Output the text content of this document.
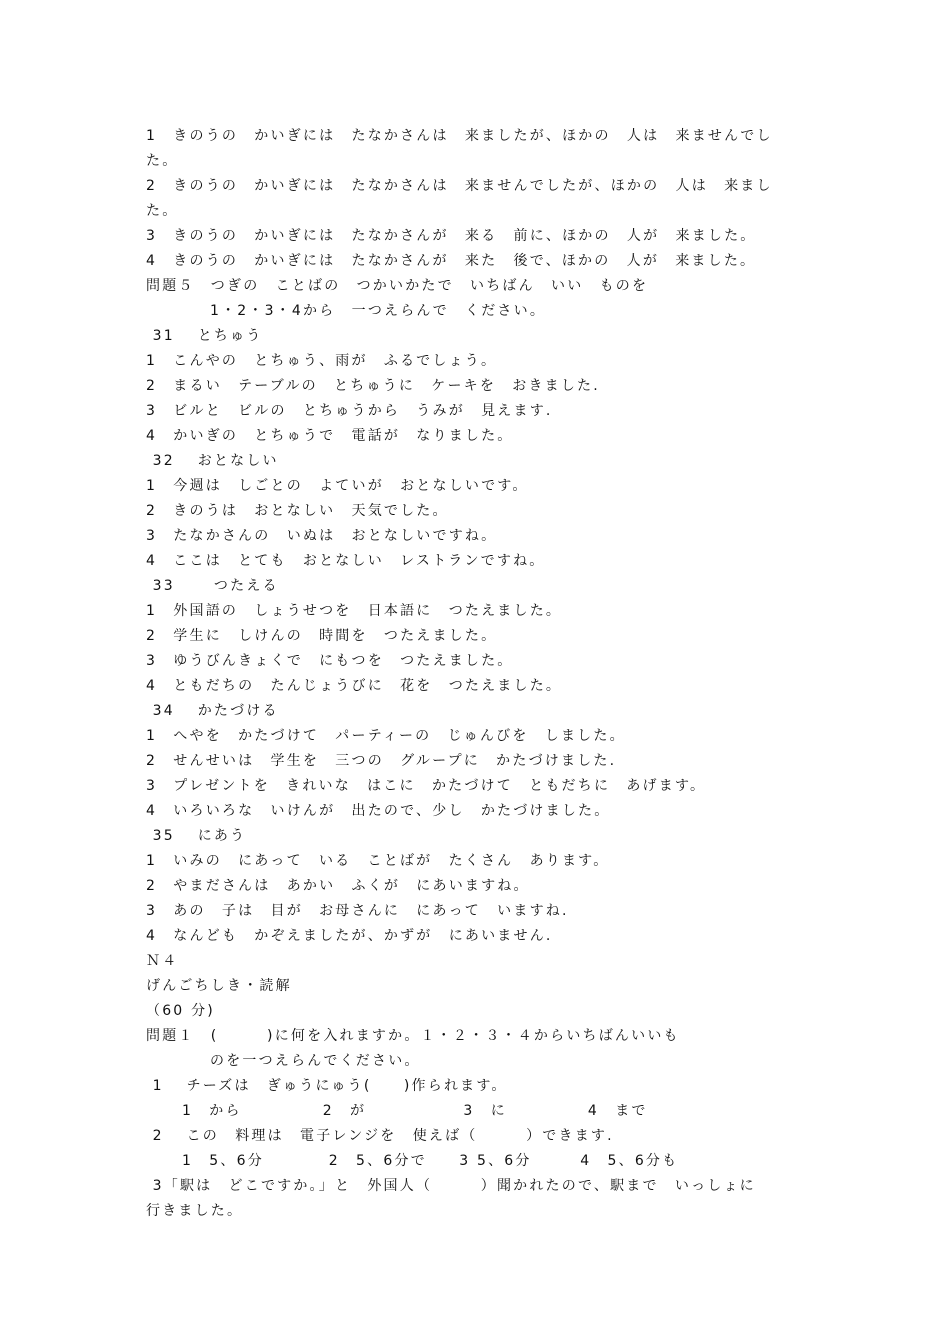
1　きのうの　かいぎには　たなかさんは　来ましたが、ほかの　人は　来ませんでし
た。
2　きのうの　かいぎには　たなかさんは　来ませんでしたが、ほかの　人は　来まし
た。
3　きのうの　かいぎには　たなかさんが　来る　前に、ほかの　人が　来ました。
4　きのうの　かいぎには　たなかさんが　来た　後で、ほかの　人が　来ました。
問題５　つぎの　ことばの　つかいかたで　いちばん　いい　ものを
1・2・3・4から　一つえらんで　ください。
31 　とちゅう
1　こんやの　とちゅう、雨が　ふるでしょう。
2　まるい　テーブルの　とちゅうに　ケーキを　おきました.
3　ビルと　ビルの　とちゅうから　うみが　見えます.
4　かいぎの　とちゅうで　電話が　なりました。
32 　おとなしい
1　今週は　しごとの　よていが　おとなしいです。
2　きのうは　おとなしい　天気でした。
3　たなかさんの　いぬは　おとなしいですね。
4　ここは　とても　おとなしい　レストランですね。
33 　　つたえる
1　外国語の　しょうせつを　日本語に　つたえました。
2　学生に　しけんの　時間を　つたえました。
3　ゆうびんきょくで　にもつを　つたえました。
4　ともだちの　たんじょうびに　花を　つたえました。
34 　かたづける
1　へやを　かたづけて　パーティーの　じゅんびを　しました。
2　せんせいは　学生を　三つの　グループに　かたづけました.
3　プレゼントを　きれいな　はこに　かたづけて　ともだちに　あげます。
4　いろいろな　いけんが　出たので、少し　かたづけました。
35 　にあう
1　いみの　にあって　いる　ことばが　たくさん　あります。
2　やまださんは　あかい　ふくが　にあいますね。
3　あの　子は　目が　お母さんに　にあって　いますね.
4　なんども　かぞえましたが、かずが　にあいません.
Ｎ４
げんごちしき・読解
（60 分)
問題１　(　　　)に何を入れますか。１・２・３・４からいちばんいいも
のを一つえらんでください。
1 　チーズは　ぎゅうにゅう(　　)作られます。
1　から　　　　　2　が　　　　　　3　に　　　　　4　まで
2 　この　料理は　電子レンジを　使えば（　　　）できます.
1　5、6分　　　　2　5、6分で　　3 5、6分　　　4　5、6分も
3「駅は　どこですか。」と　外国人（　　　）聞かれたので、駅まで　いっしょに
行きました。
